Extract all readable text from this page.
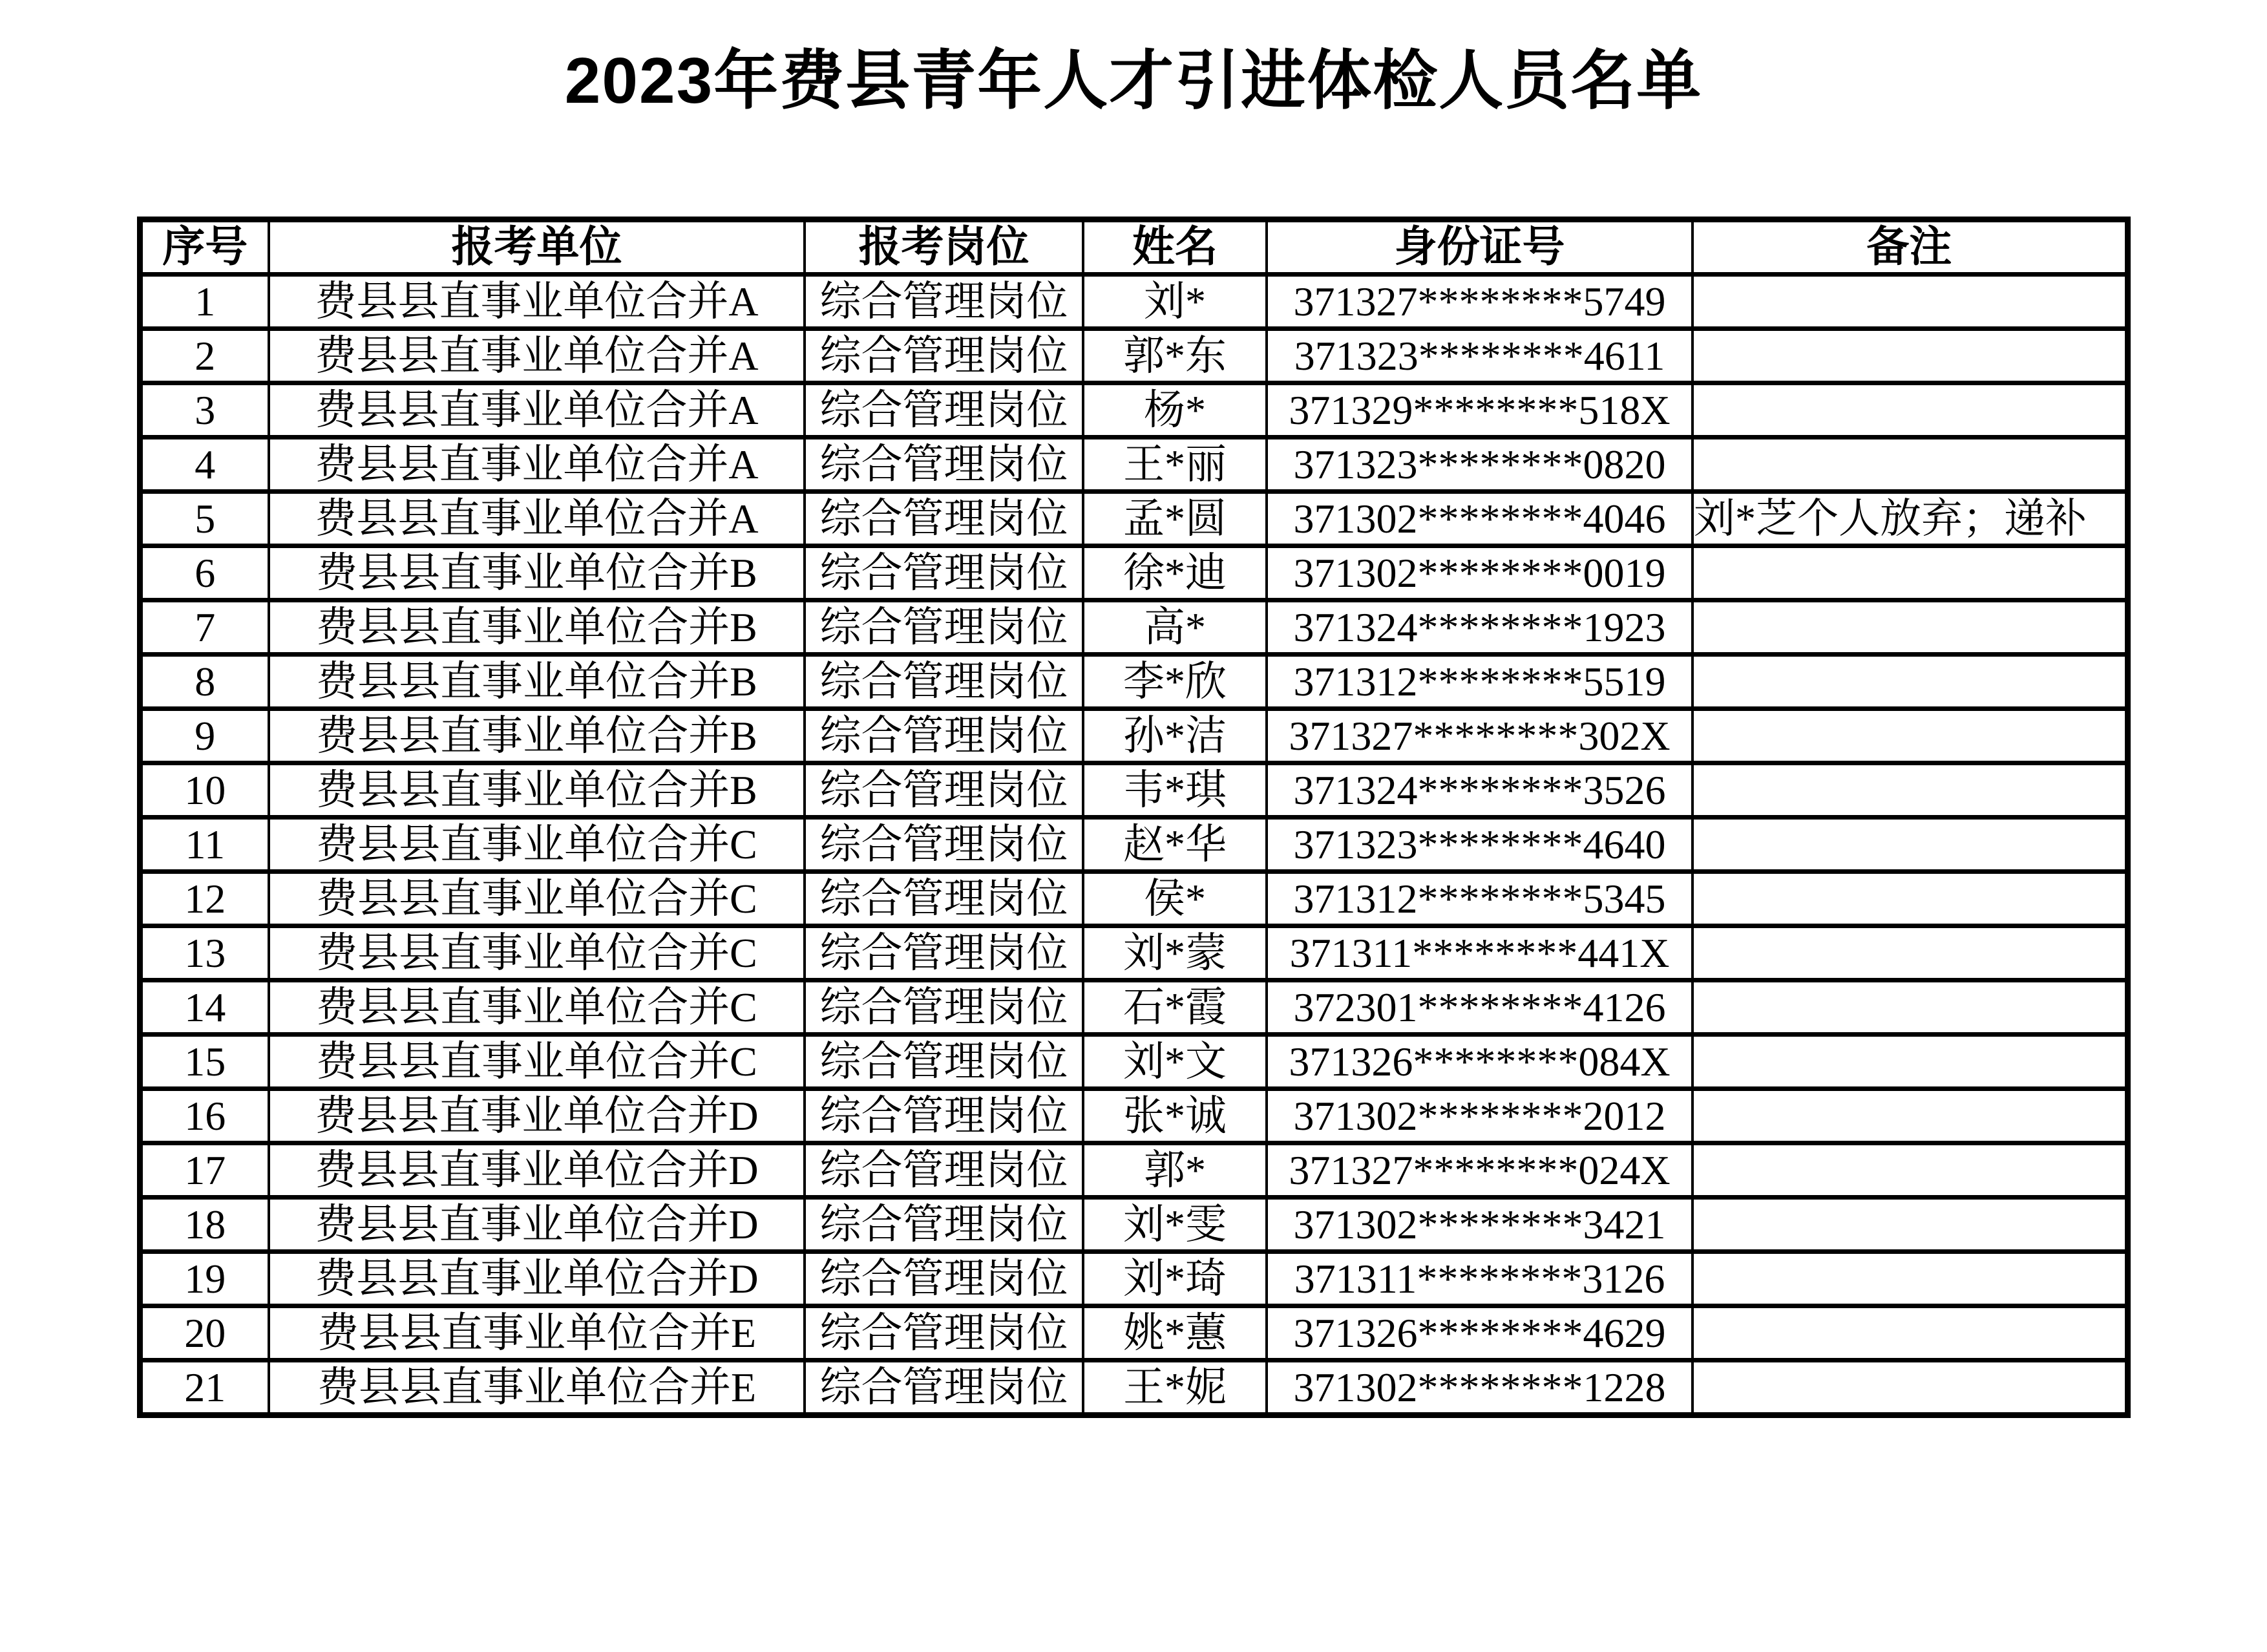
2023年费县青年人才引进体检人员名单
序号	报考单位	报考岗位	姓名	身份证号	备注
1	费县县直事业单位合并A	综合管理岗位	刘*	371327********5749	
2	费县县直事业单位合并A	综合管理岗位	郭*东	371323********4611	
3	费县县直事业单位合并A	综合管理岗位	杨*	371329********518X	
4	费县县直事业单位合并A	综合管理岗位	王*丽	371323********0820	
5	费县县直事业单位合并A	综合管理岗位	孟*圆	371302********4046	刘*芝个人放弃；递补
6	费县县直事业单位合并B	综合管理岗位	徐*迪	371302********0019	
7	费县县直事业单位合并B	综合管理岗位	高*	371324********1923	
8	费县县直事业单位合并B	综合管理岗位	李*欣	371312********5519	
9	费县县直事业单位合并B	综合管理岗位	孙*洁	371327********302X	
10	费县县直事业单位合并B	综合管理岗位	韦*琪	371324********3526	
11	费县县直事业单位合并C	综合管理岗位	赵*华	371323********4640	
12	费县县直事业单位合并C	综合管理岗位	侯*	371312********5345	
13	费县县直事业单位合并C	综合管理岗位	刘*蒙	371311********441X	
14	费县县直事业单位合并C	综合管理岗位	石*霞	372301********4126	
15	费县县直事业单位合并C	综合管理岗位	刘*文	371326********084X	
16	费县县直事业单位合并D	综合管理岗位	张*诚	371302********2012	
17	费县县直事业单位合并D	综合管理岗位	郭*	371327********024X	
18	费县县直事业单位合并D	综合管理岗位	刘*雯	371302********3421	
19	费县县直事业单位合并D	综合管理岗位	刘*琦	371311********3126	
20	费县县直事业单位合并E	综合管理岗位	姚*蕙	371326********4629	
21	费县县直事业单位合并E	综合管理岗位	王*妮	371302********1228	
